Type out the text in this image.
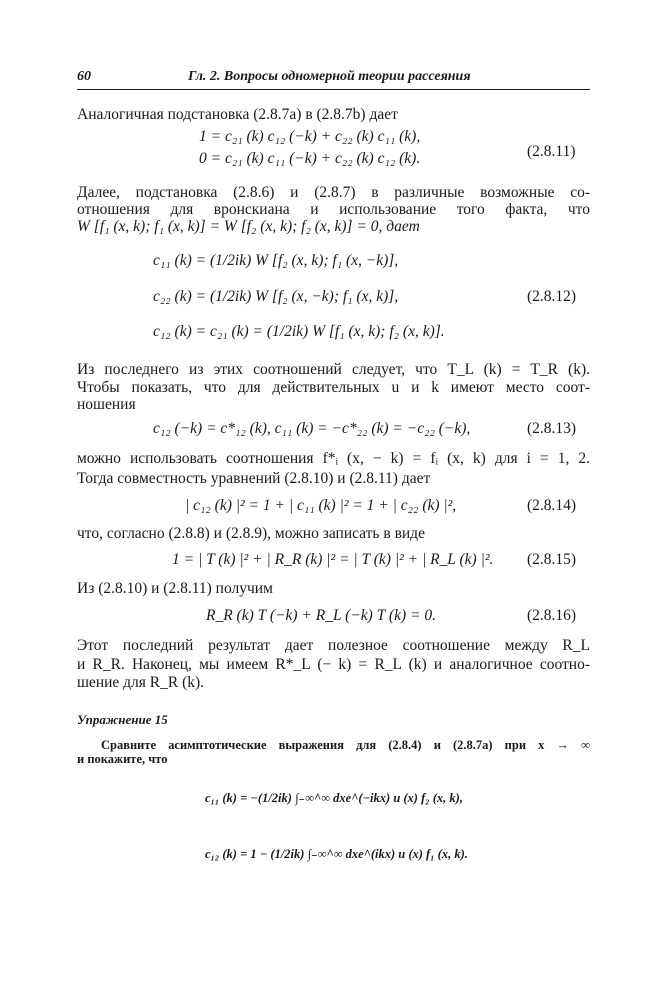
60	Гл. 2. Вопросы одномерной теории рассеяния
Аналогичная подстановка (2.8.7a) в (2.8.7b) дает
1 = c₂₁ (k) c₁₂ (−k) + c₂₂ (k) c₁₁ (k),
0 = c₂₁ (k) c₁₁ (−k) + c₂₂ (k) c₁₂ (k).	(2.8.11)
Далее, подстановка (2.8.6) и (2.8.7) в различные возможные со-
отношения для вронскиана и использование того факта, что
W [f₁ (x, k); f₁ (x, k)] = W [f₂ (x, k); f₂ (x, k)] = 0, дает
c₁₁ (k) = (1/2ik) W [f₂ (x, k); f₁ (x, −k)],
c₂₂ (k) = (1/2ik) W [f₂ (x, −k); f₁ (x, k)],
c₁₂ (k) = c₂₁ (k) = (1/2ik) W [f₁ (x, k); f₂ (x, k)].
(2.8.12)
Из последнего из этих соотношений следует, что T_L (k) = T_R (k).
Чтобы показать, что для действительных u и k имеют место соот-
ношения
c₁₂ (−k) = c*₁₂ (k), c₁₁ (k) = −c*₂₂ (k) = −c₂₂ (−k),	(2.8.13)
можно использовать соотношения f*ᵢ (x, − k) = fᵢ (x, k) для i = 1, 2.
Тогда совместность уравнений (2.8.10) и (2.8.11) дает
| c₁₂ (k) |² = 1 + | c₁₁ (k) |² = 1 + | c₂₂ (k) |²,	(2.8.14)
что, согласно (2.8.8) и (2.8.9), можно записать в виде
1 = | T (k) |² + | R_R (k) |² = | T (k) |² + | R_L (k) |². (2.8.15)
Из (2.8.10) и (2.8.11) получим
R_R (k) T (−k) + R_L (−k) T (k) = 0.	(2.8.16)
Этот последний результат дает полезное соотношение между R_L
и R_R. Наконец, мы имеем R*_L (− k) = R_L (k) и аналогичное соотно-
шение для R_R (k).
Упражнение 15
Сравните асимптотические выражения для (2.8.4) и (2.8.7a) при x → ∞
и покажите, что
c₁₁ (k) = −(1/2ik) ∫₋∞^∞ dxe^(−ikx) u (x) f₂ (x, k),
c₁₂ (k) = 1 − (1/2ik) ∫₋∞^∞ dxe^(ikx) u (x) f₁ (x, k).
